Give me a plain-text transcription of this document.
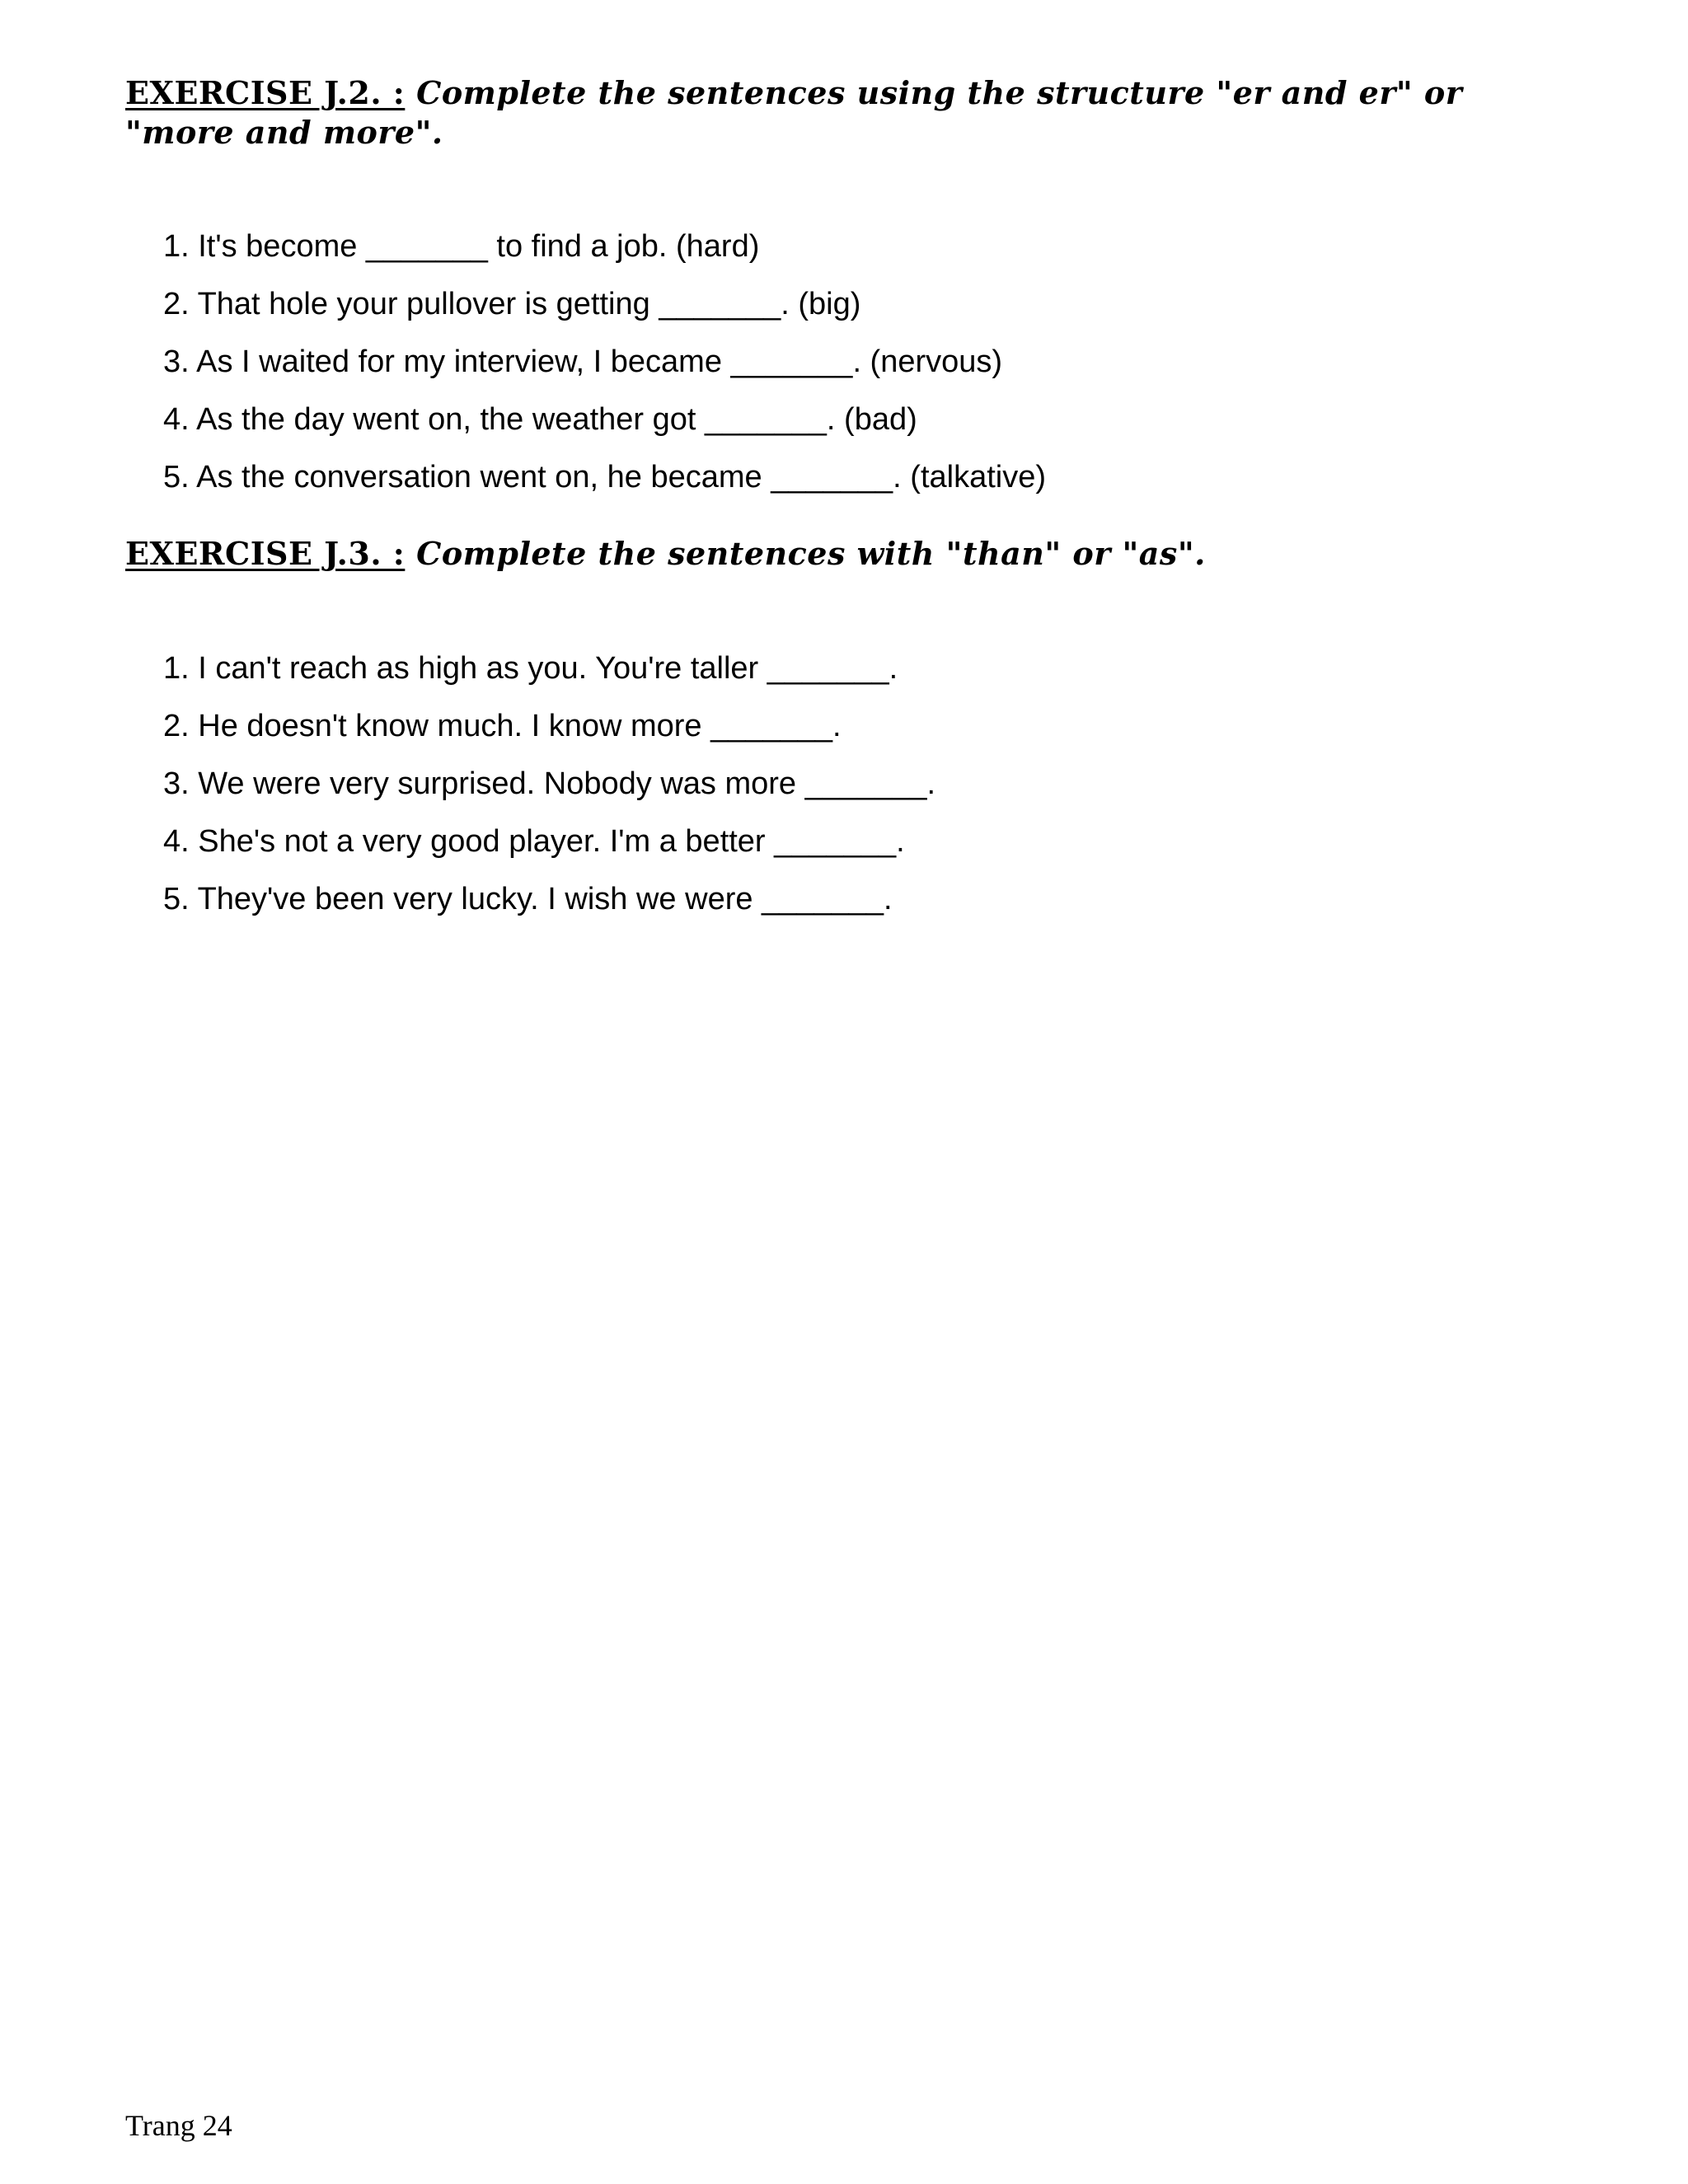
EXERCISE J.2. : Complete the sentences using the structure "er and er" or "more and more".
1. It's become _______ to find a job. (hard)
2. That hole your pullover is getting _______. (big)
3. As I waited for my interview, I became _______. (nervous)
4. As the day went on, the weather got _______. (bad)
5. As the conversation went on, he became _______. (talkative)
EXERCISE J.3. : Complete the sentences with "than" or "as".
1. I can't reach as high as you. You're taller _______.
2. He doesn't know much. I know more _______.
3. We were very surprised. Nobody was more _______.
4. She's not a very good player. I'm a better _______.
5. They've been very lucky. I wish we were _______.
Trang 24
